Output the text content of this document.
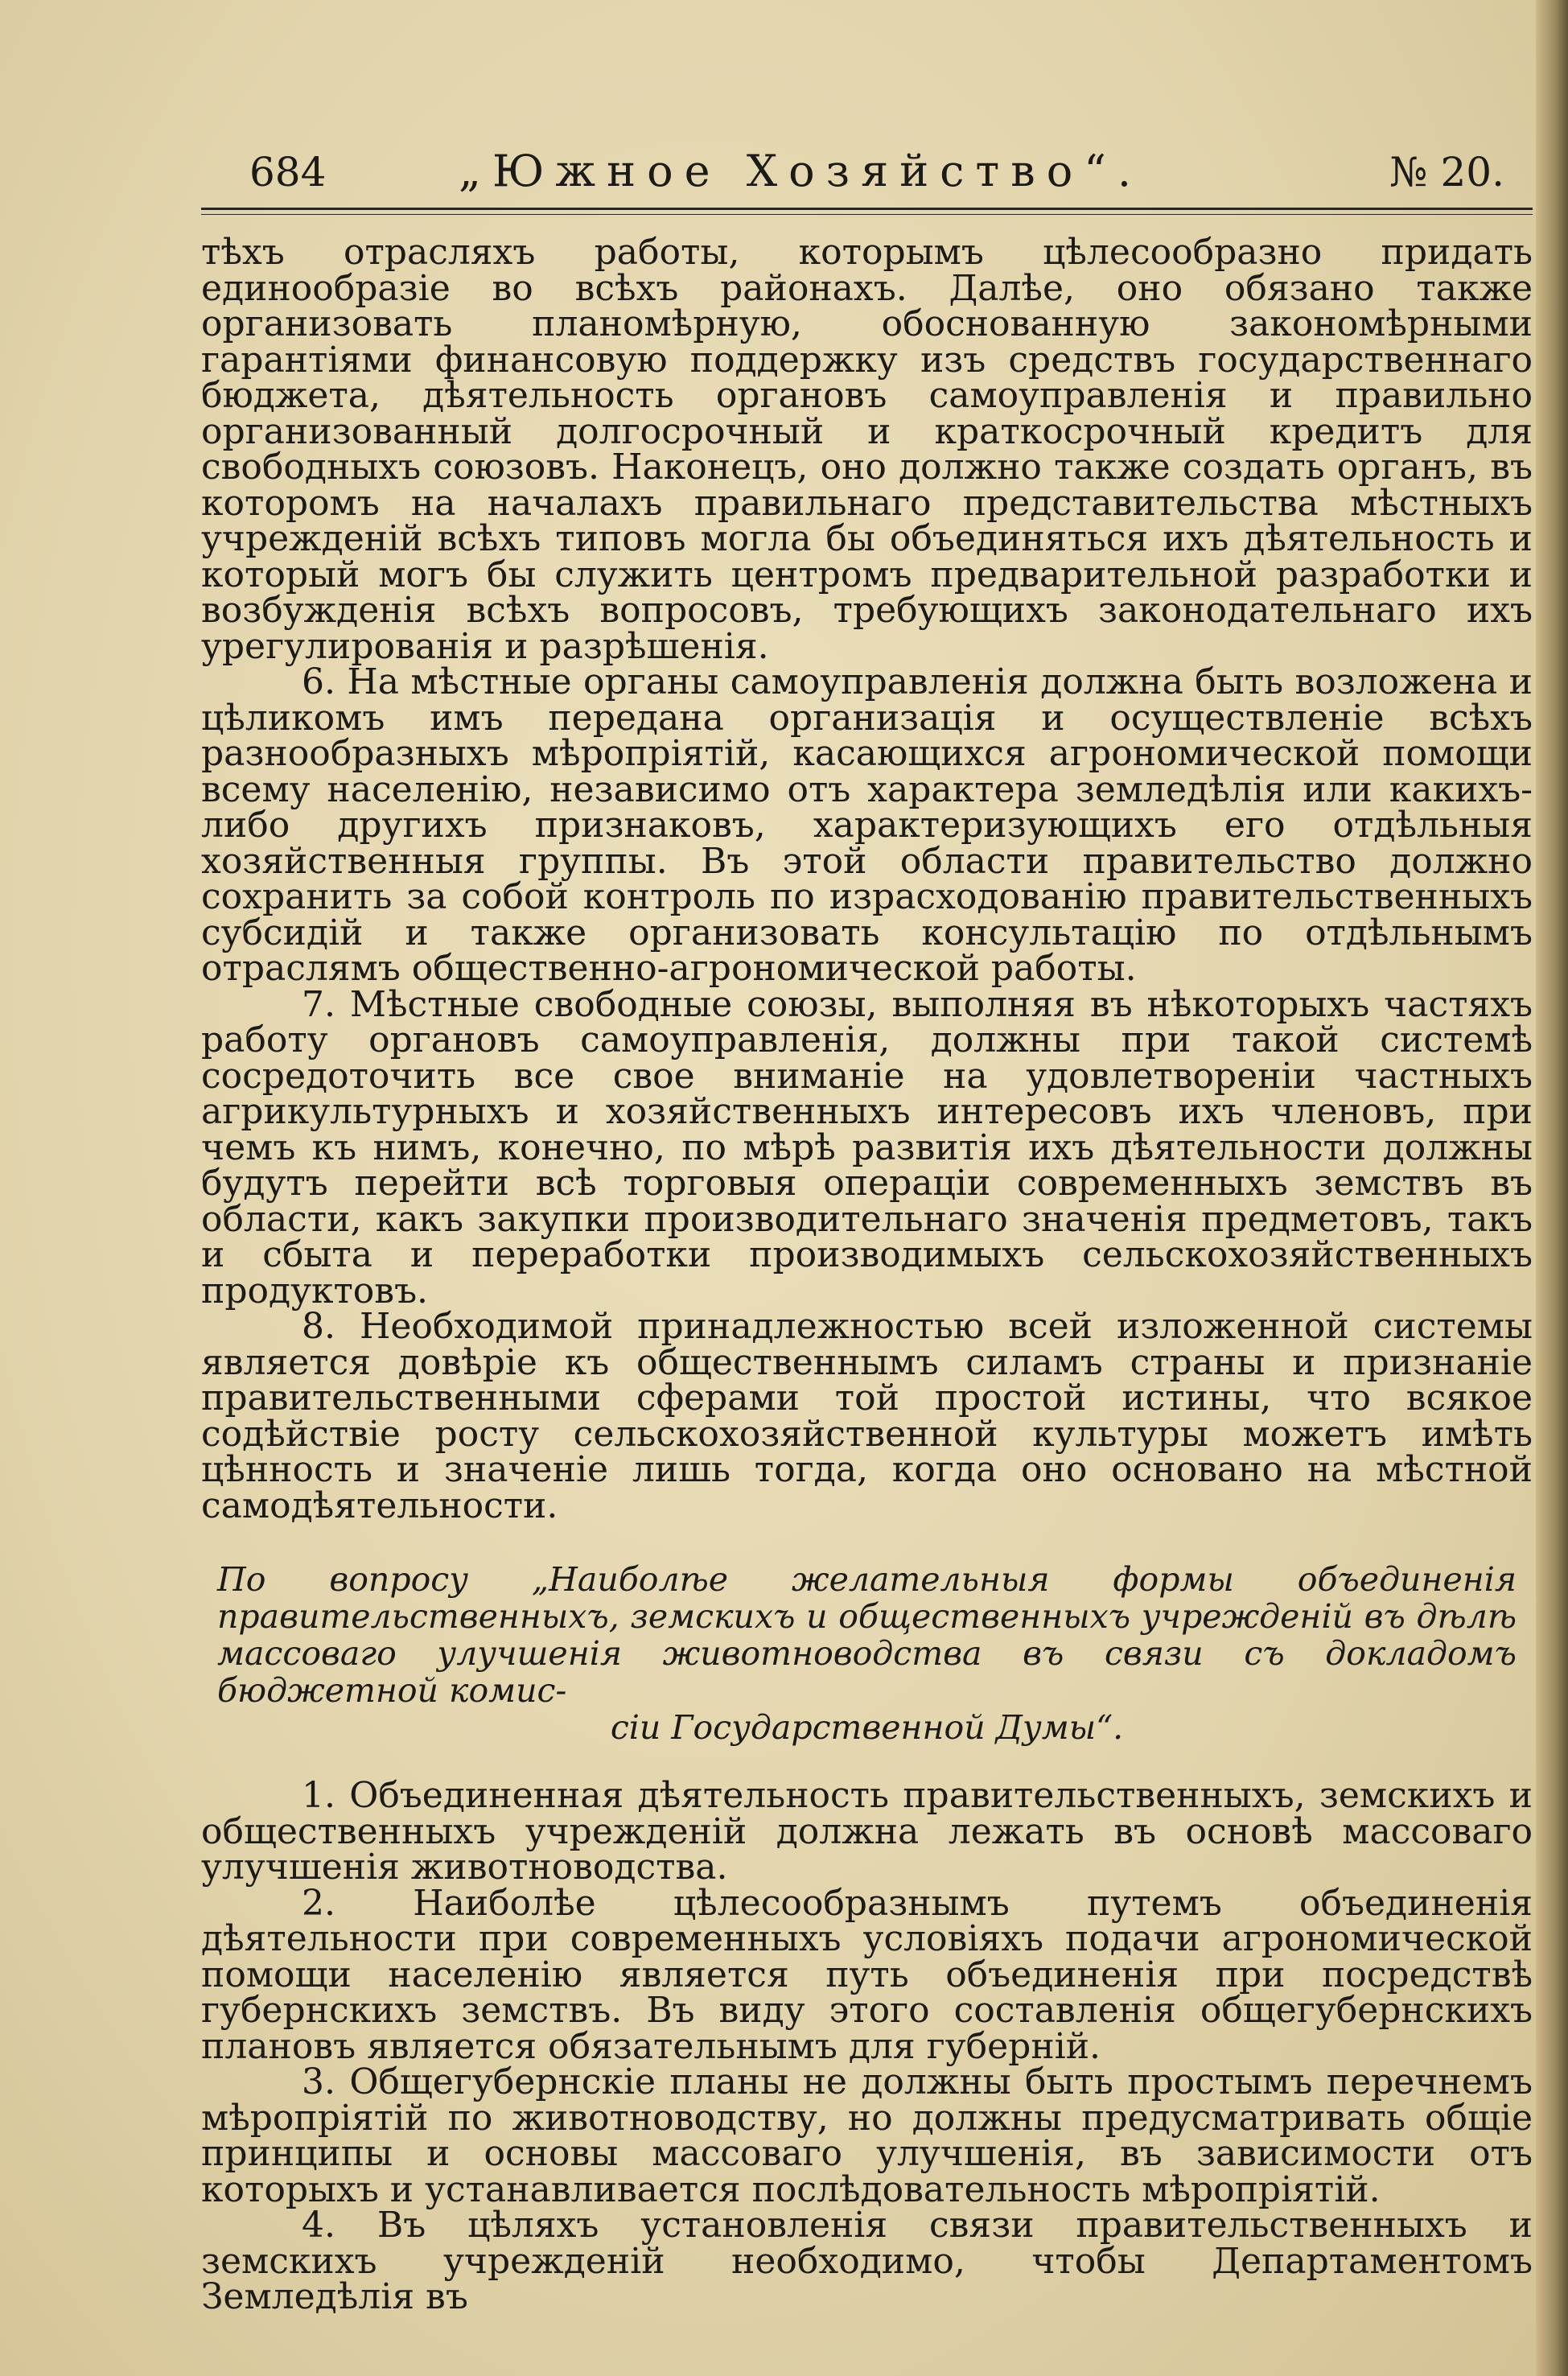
684	„Южное Хозяйство“.	№ 20.

тѣхъ отрасляхъ работы, которымъ цѣлесообразно придать единообразіе во всѣхъ районахъ. Далѣе, оно обязано также организовать планомѣрную, обоснованную закономѣрными гарантіями финансовую поддержку изъ средствъ государственнаго бюджета, дѣятельность органовъ самоуправленія и правильно организованный долгосрочный и краткосрочный кредитъ для свободныхъ союзовъ. Наконецъ, оно должно также создать органъ, въ которомъ на началахъ правильнаго представительства мѣстныхъ учрежденій всѣхъ типовъ могла бы объединяться ихъ дѣятельность и который могъ бы служить центромъ предварительной разработки и возбужденія всѣхъ вопросовъ, требующихъ законодательнаго ихъ урегулированія и разрѣшенія.

6. На мѣстные органы самоуправленія должна быть возложена и цѣликомъ имъ передана организація и осуществленіе всѣхъ разнообразныхъ мѣропріятій, касающихся агрономической помощи всему населенію, независимо отъ характера земледѣлія или какихъ-либо другихъ признаковъ, характеризующихъ его отдѣльныя хозяйственныя группы. Въ этой области правительство должно сохранить за собой контроль по израсходованію правительственныхъ субсидій и также организовать консультацію по отдѣльнымъ отраслямъ общественно-агрономической работы.

7. Мѣстные свободные союзы, выполняя въ нѣкоторыхъ частяхъ работу органовъ самоуправленія, должны при такой системѣ сосредоточить все свое вниманіе на удовлетвореніи частныхъ агрикультурныхъ и хозяйственныхъ интересовъ ихъ членовъ, при чемъ къ нимъ, конечно, по мѣрѣ развитія ихъ дѣятельности должны будутъ перейти всѣ торговыя операціи современныхъ земствъ въ области, какъ закупки производительнаго значенія предметовъ, такъ и сбыта и переработки производимыхъ сельскохозяйственныхъ продуктовъ.

8. Необходимой принадлежностью всей изложенной системы является довѣріе къ общественнымъ силамъ страны и признаніе правительственными сферами той простой истины, что всякое содѣйствіе росту сельскохозяйственной культуры можетъ имѣть цѣнность и значеніе лишь тогда, когда оно основано на мѣстной самодѣятельности.

По вопросу „Наиболѣе желательныя формы объединенія правительственныхъ, земскихъ и общественныхъ учрежденій въ дѣлѣ массоваго улучшенія животноводства въ связи съ докладомъ бюджетной комис-
сіи Государственной Думы“.

1. Объединенная дѣятельность правительственныхъ, земскихъ и общественныхъ учрежденій должна лежать въ основѣ массоваго улучшенія животноводства.

2. Наиболѣе цѣлесообразнымъ путемъ объединенія дѣятельности при современныхъ условіяхъ подачи агрономической помощи населенію является путь объединенія при посредствѣ губернскихъ земствъ. Въ виду этого составленія общегубернскихъ плановъ является обязательнымъ для губерній.

3. Общегубернскіе планы не должны быть простымъ перечнемъ мѣропріятій по животноводству, но должны предусматривать общіе принципы и основы массоваго улучшенія, въ зависимости отъ которыхъ и устанавливается послѣдовательность мѣропріятій.

4. Въ цѣляхъ установленія связи правительственныхъ и земскихъ учрежденій необходимо, чтобы Департаментомъ Земледѣлія въ
